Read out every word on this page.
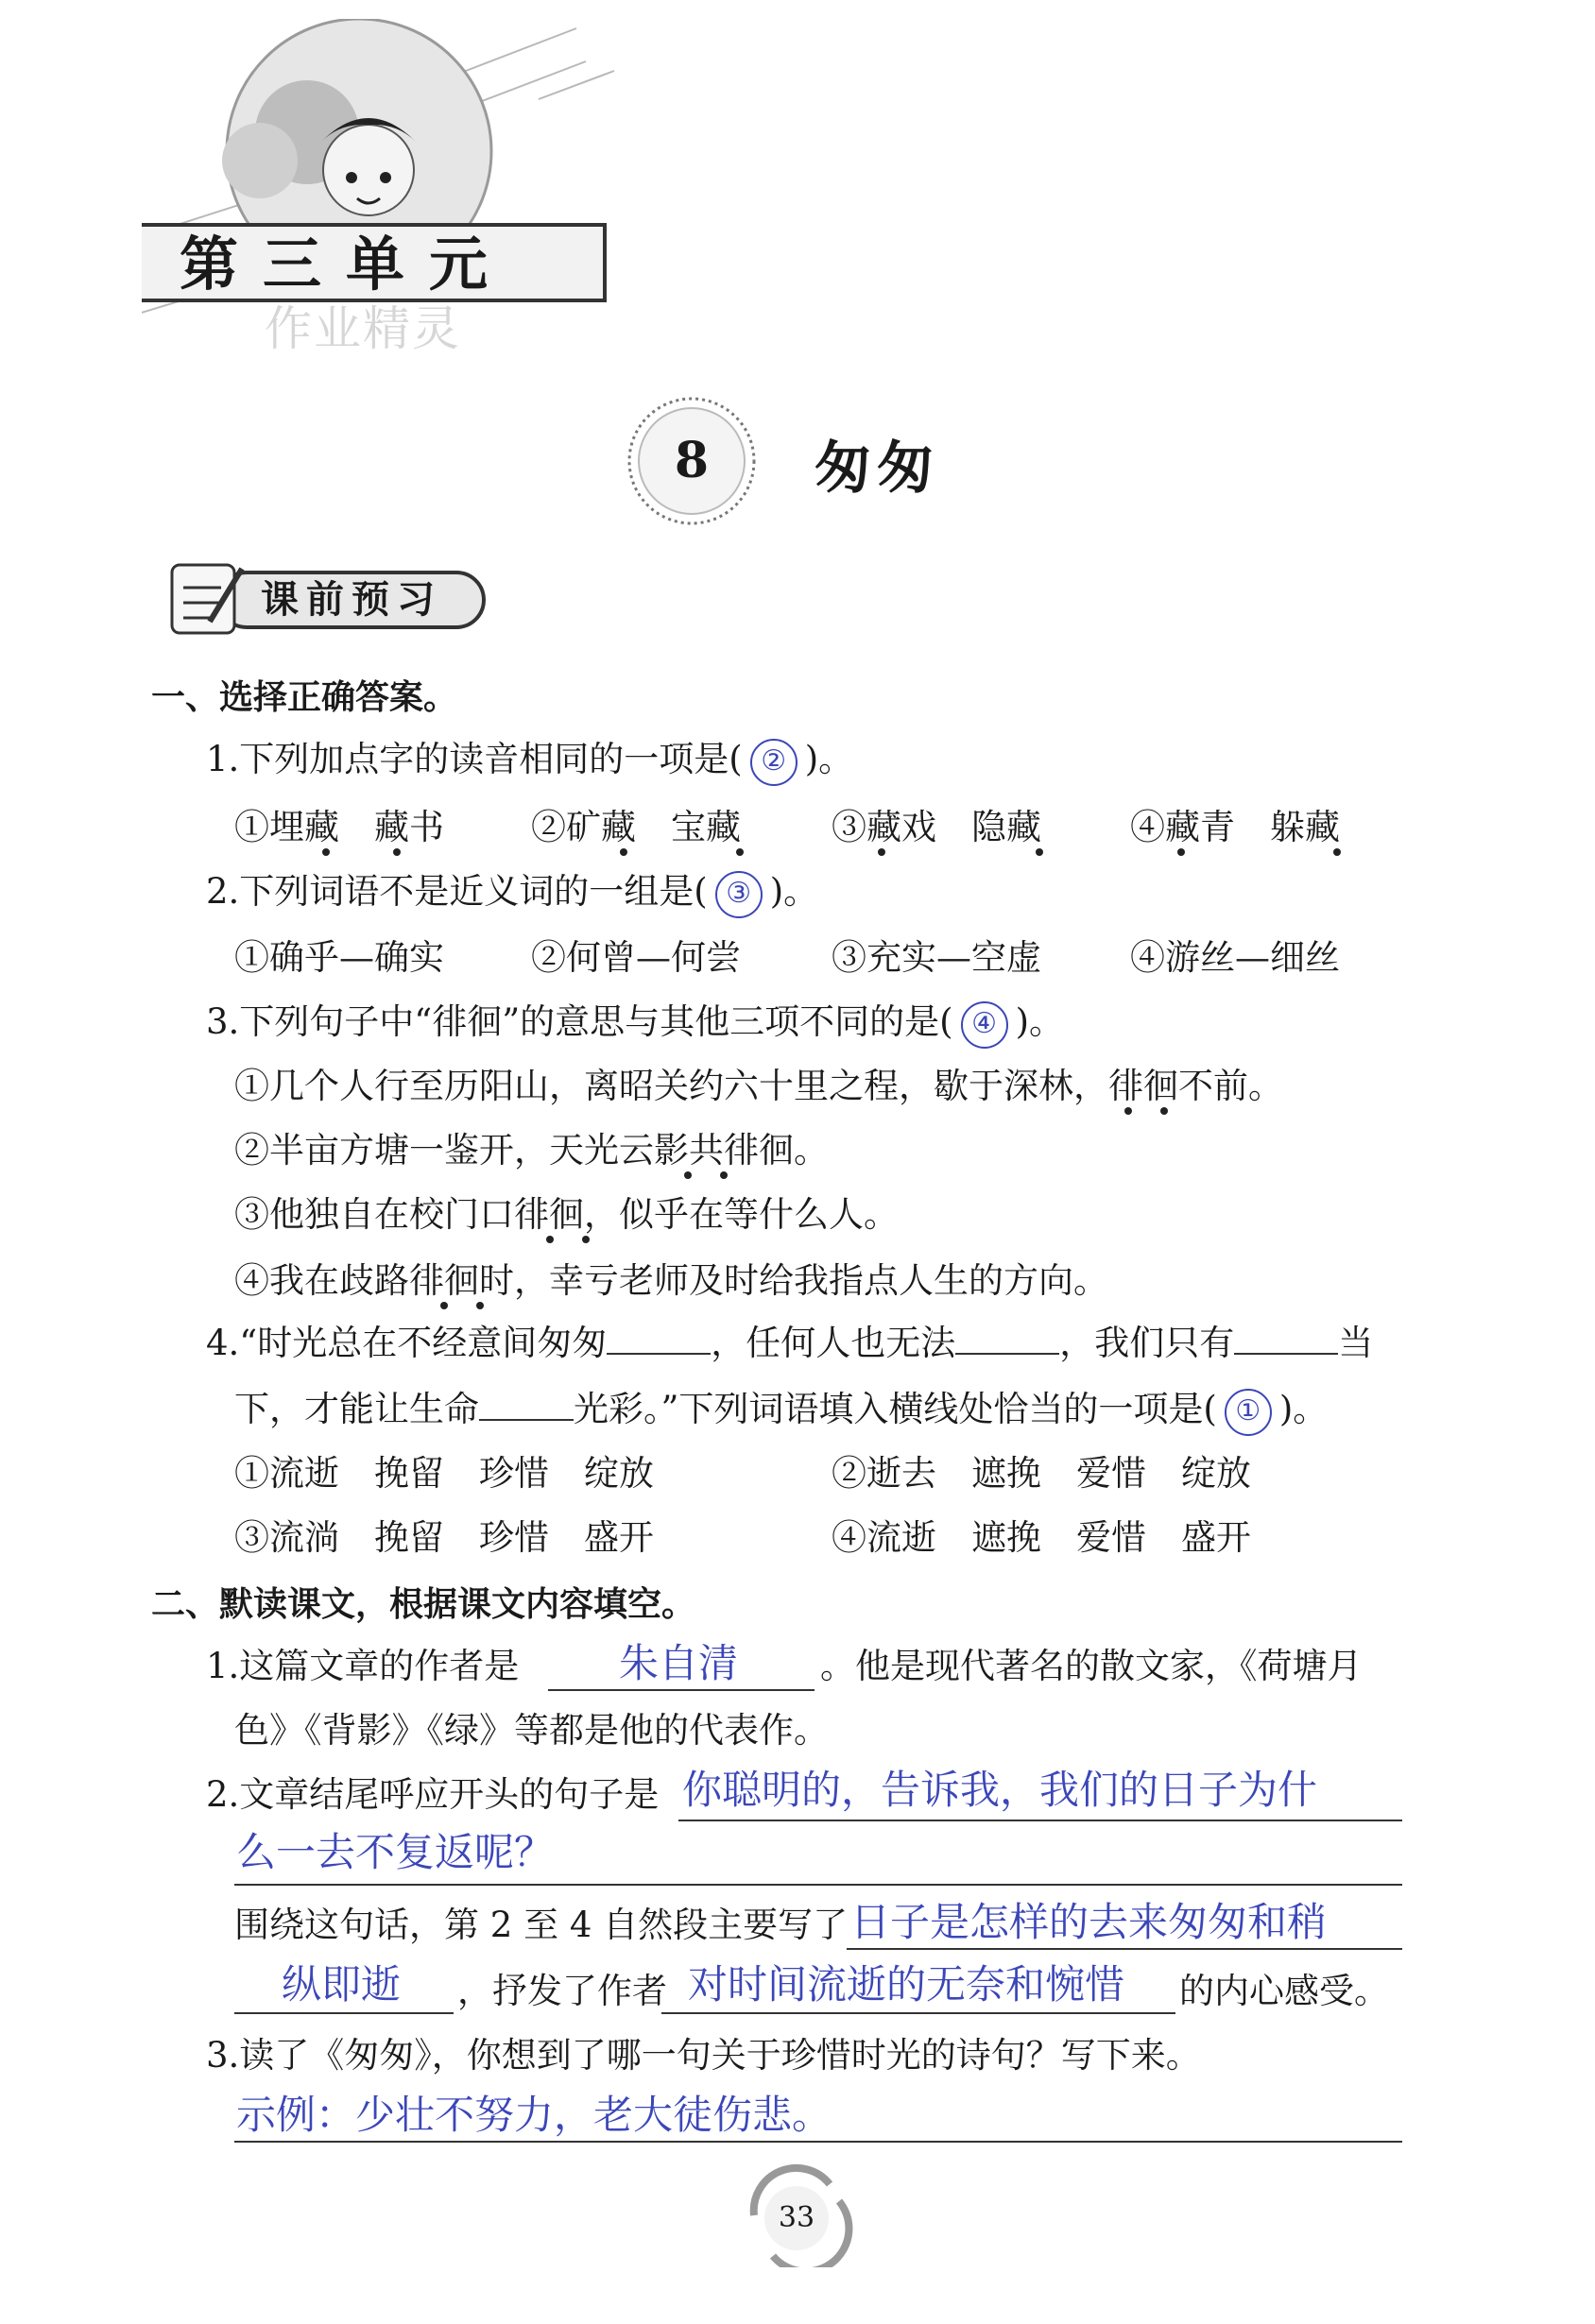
第三单元
作业精灵
8	匆匆
课前预习
一、选择正确答案。
1.下列加点字的读音相同的一项是( ② )。
①埋藏　藏书 ②矿藏　宝藏	③藏戏　隐藏	④藏青　躲藏
2.下列词语不是近义词的一组是( ③ )。
①确乎—确实 ②何曾—何尝	③充实—空虚	④游丝—细丝
3.下列句子中“徘徊”的意思与其他三项不同的是( ④ )。
①几个人行至历阳山，离昭关约六十里之程，歇于深林，徘徊不前。
②半亩方塘一鉴开，天光云影共徘徊。
③他独自在校门口徘徊，似乎在等什么人。
④我在歧路徘徊时，幸亏老师及时给我指点人生的方向。
4.“时光总在不经意间匆匆	，任何人也无法	，我们只有	当
下，才能让生命	光彩。”下列词语填入横线处恰当的一项是( ① )。
①流逝　挽留　珍惜　绽放	②逝去　遮挽　爱惜　绽放
③流淌　挽留　珍惜　盛开	④流逝　遮挽　爱惜　盛开
二、默读课文，根据课文内容填空。
1.这篇文章的作者是	朱自清 。他是现代著名的散文家，《荷塘月
色》《背影》《绿》等都是他的代表作。
2.文章结尾呼应开头的句子是 你聪明的，告诉我，我们的日子为什
么一去不复返呢？
围绕这句话，第 2 至 4 自然段主要写了 日子是怎样的去来匆匆和稍
纵即逝 ，抒发了作者 对时间流逝的无奈和惋惜 的内心感受。
3.读了《匆匆》，你想到了哪一句关于珍惜时光的诗句？写下来。
示例：少壮不努力，老大徒伤悲。
33
